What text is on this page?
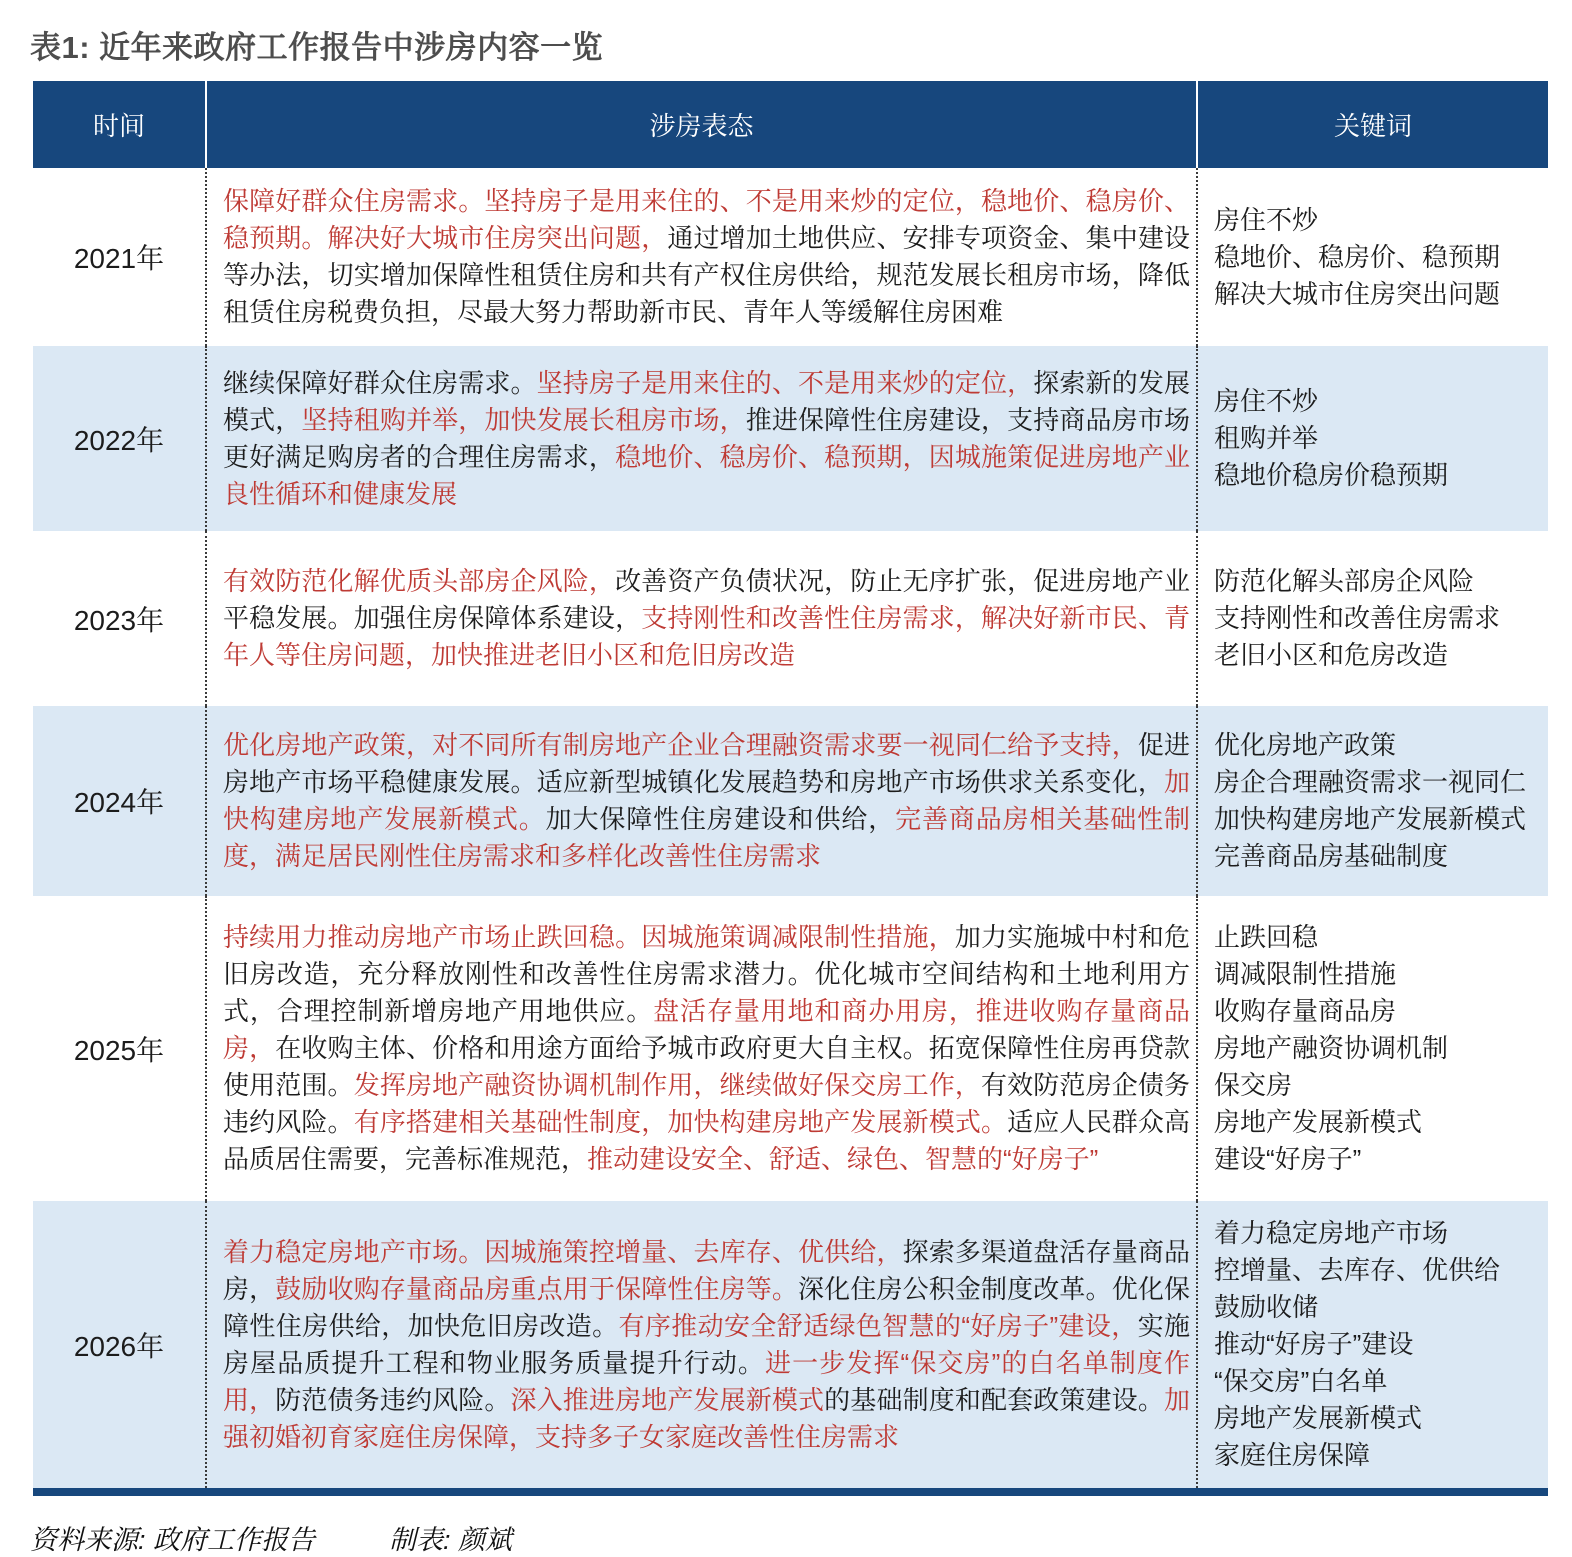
表1: 近年来政府工作报告中涉房内容一览
时间	涉房表态	关键词
2021年

保障好群众住房需求。坚持房子是用来住的、不是用来炒的定位，稳地价、稳房价、稳预期。解决好大城市住房突出问题，通过增加土地供应、安排专项资金、集中建设等办法，切实增加保障性租赁住房和共有产权住房供给，规范发展长租房市场，降低租赁住房税费负担，尽最大努力帮助新市民、青年人等缓解住房困难

房住不炒
稳地价、稳房价、稳预期
解决大城市住房突出问题
2022年

继续保障好群众住房需求。坚持房子是用来住的、不是用来炒的定位，探索新的发展模式，坚持租购并举，加快发展长租房市场，推进保障性住房建设，支持商品房市场更好满足购房者的合理住房需求，稳地价、稳房价、稳预期，因城施策促进房地产业良性循环和健康发展

房住不炒
租购并举
稳地价稳房价稳预期
2023年

有效防范化解优质头部房企风险，改善资产负债状况，防止无序扩张，促进房地产业平稳发展。加强住房保障体系建设，支持刚性和改善性住房需求，解决好新市民、青年人等住房问题，加快推进老旧小区和危旧房改造

防范化解头部房企风险
支持刚性和改善住房需求
老旧小区和危房改造
2024年

优化房地产政策，对不同所有制房地产企业合理融资需求要一视同仁给予支持，促进房地产市场平稳健康发展。适应新型城镇化发展趋势和房地产市场供求关系变化，加快构建房地产发展新模式。加大保障性住房建设和供给，完善商品房相关基础性制度，满足居民刚性住房需求和多样化改善性住房需求

优化房地产政策
房企合理融资需求一视同仁
加快构建房地产发展新模式
完善商品房基础制度
2025年

持续用力推动房地产市场止跌回稳。因城施策调减限制性措施，加力实施城中村和危旧房改造，充分释放刚性和改善性住房需求潜力。优化城市空间结构和土地利用方式，合理控制新增房地产用地供应。盘活存量用地和商办用房，推进收购存量商品房，在收购主体、价格和用途方面给予城市政府更大自主权。拓宽保障性住房再贷款使用范围。发挥房地产融资协调机制作用，继续做好保交房工作，有效防范房企债务违约风险。有序搭建相关基础性制度，加快构建房地产发展新模式。适应人民群众高品质居住需要，完善标准规范，推动建设安全、舒适、绿色、智慧的“好房子”

止跌回稳
调减限制性措施
收购存量商品房
房地产融资协调机制
保交房
房地产发展新模式
建设“好房子”
2026年

着力稳定房地产市场。因城施策控增量、去库存、优供给，探索多渠道盘活存量商品房，鼓励收购存量商品房重点用于保障性住房等。深化住房公积金制度改革。优化保障性住房供给，加快危旧房改造。有序推动安全舒适绿色智慧的“好房子”建设，实施房屋品质提升工程和物业服务质量提升行动。进一步发挥“保交房”的白名单制度作用，防范债务违约风险。深入推进房地产发展新模式的基础制度和配套政策建设。加强初婚初育家庭住房保障，支持多子女家庭改善性住房需求

着力稳定房地产市场
控增量、去库存、优供给
鼓励收储
推动“好房子”建设
“保交房”白名单
房地产发展新模式
家庭住房保障
资料来源: 政府工作报告	制表: 颜斌
